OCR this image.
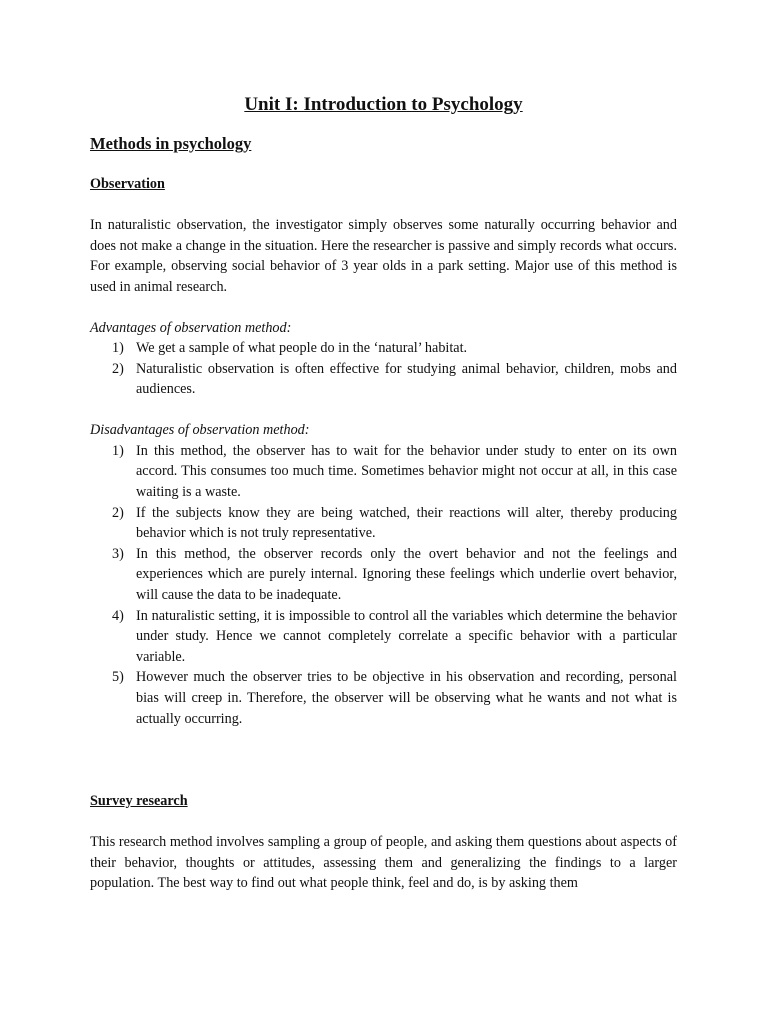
Unit I: Introduction to Psychology
Methods in psychology
Observation

In naturalistic observation, the investigator simply observes some naturally occurring behavior and does not make a change in the situation. Here the researcher is passive and simply records what occurs. For example, observing social behavior of 3 year olds in a park setting. Major use of this method is used in animal research.

Advantages of observation method:

1) We get a sample of what people do in the ‘natural’ habitat.
2) Naturalistic observation is often effective for studying animal behavior, children, mobs and audiences.

Disadvantages of observation method:

1) In this method, the observer has to wait for the behavior under study to enter on its own accord. This consumes too much time. Sometimes behavior might not occur at all, in this case waiting is a waste.
2) If the subjects know they are being watched, their reactions will alter, thereby producing behavior which is not truly representative.
3) In this method, the observer records only the overt behavior and not the feelings and experiences which are purely internal. Ignoring these feelings which underlie overt behavior, will cause the data to be inadequate.
4) In naturalistic setting, it is impossible to control all the variables which determine the behavior under study. Hence we cannot completely correlate a specific behavior with a particular variable.
5) However much the observer tries to be objective in his observation and recording, personal bias will creep in. Therefore, the observer will be observing what he wants and not what is actually occurring.
Survey research

This research method involves sampling a group of people, and asking them questions about aspects of their behavior, thoughts or attitudes, assessing them and generalizing the findings to a larger population. The best way to find out what people think, feel and do, is by asking them
